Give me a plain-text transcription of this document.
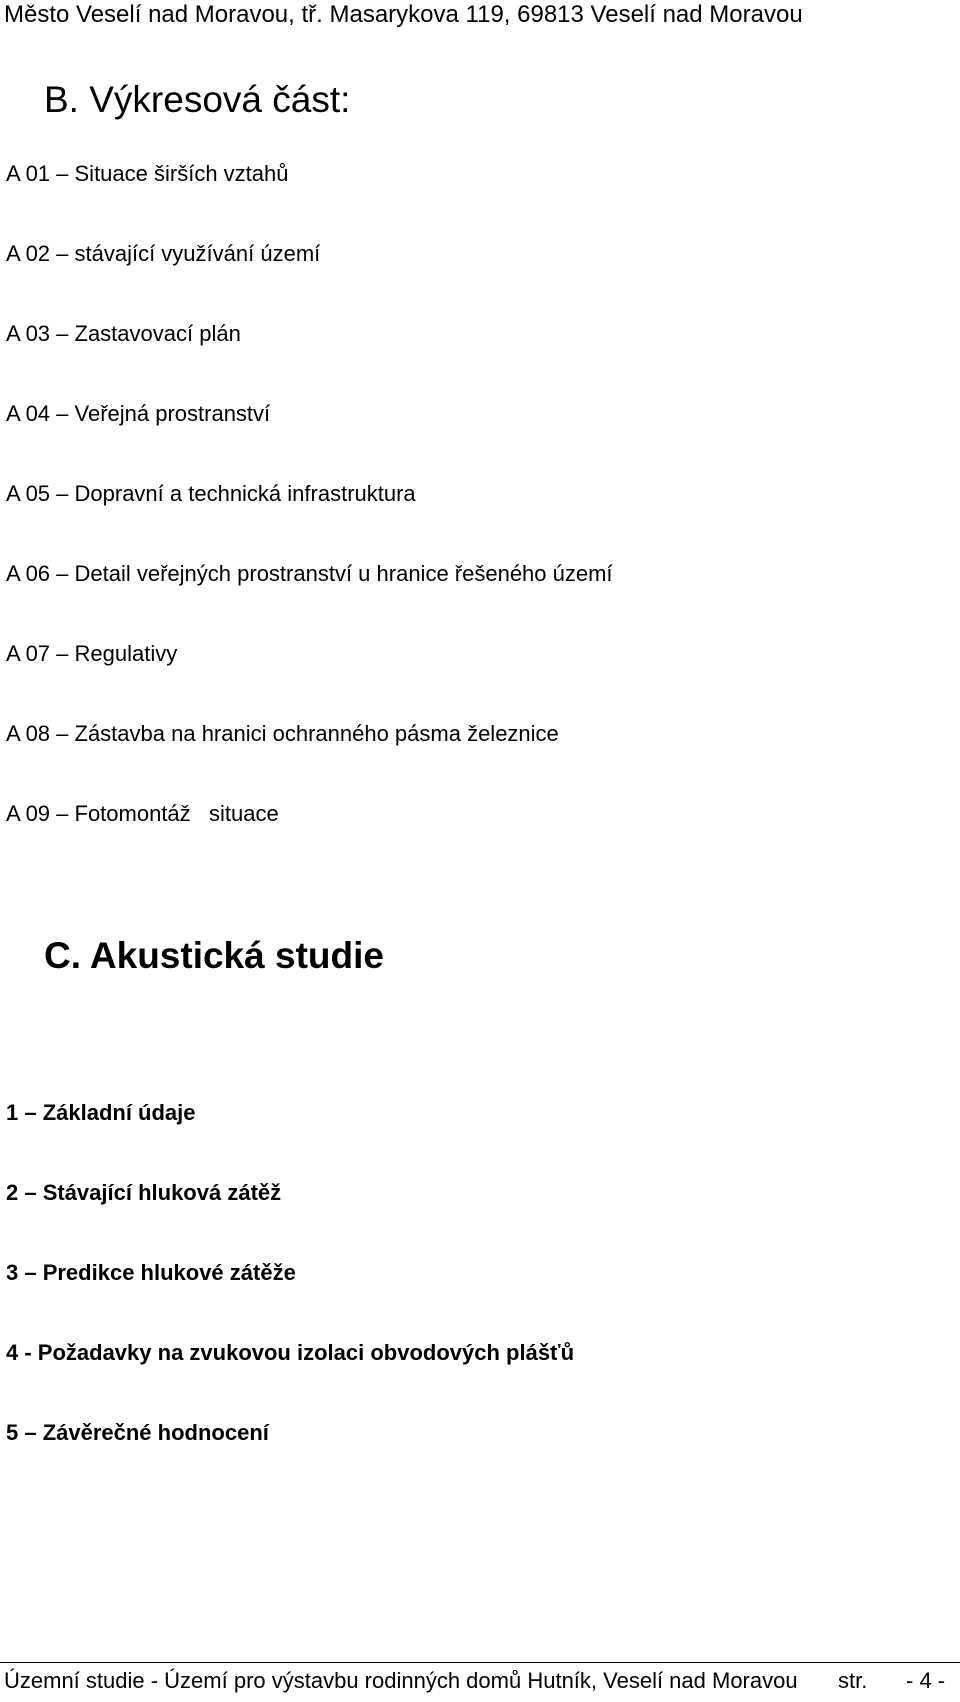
Město Veselí nad Moravou, tř. Masarykova 119, 69813 Veselí nad Moravou
B. Výkresová část:
A 01 – Situace širších vztahů
A 02 – stávající využívání území
A 03 – Zastavovací plán
A 04 – Veřejná prostranství
A 05 – Dopravní a technická infrastruktura
A 06 – Detail veřejných prostranství u hranice řešeného území
A 07 – Regulativy
A 08 – Zástavba na hranici ochranného pásma železnice
A 09 – Fotomontáž   situace
C. Akustická studie
1 – Základní údaje
2 – Stávající hluková zátěž
3 – Predikce hlukové zátěže
4 - Požadavky na zvukovou izolaci obvodových plášťů
5 – Závěrečné hodnocení
Územní studie - Území pro výstavbu rodinných domů Hutník, Veselí nad Moravou str. - 4 -
